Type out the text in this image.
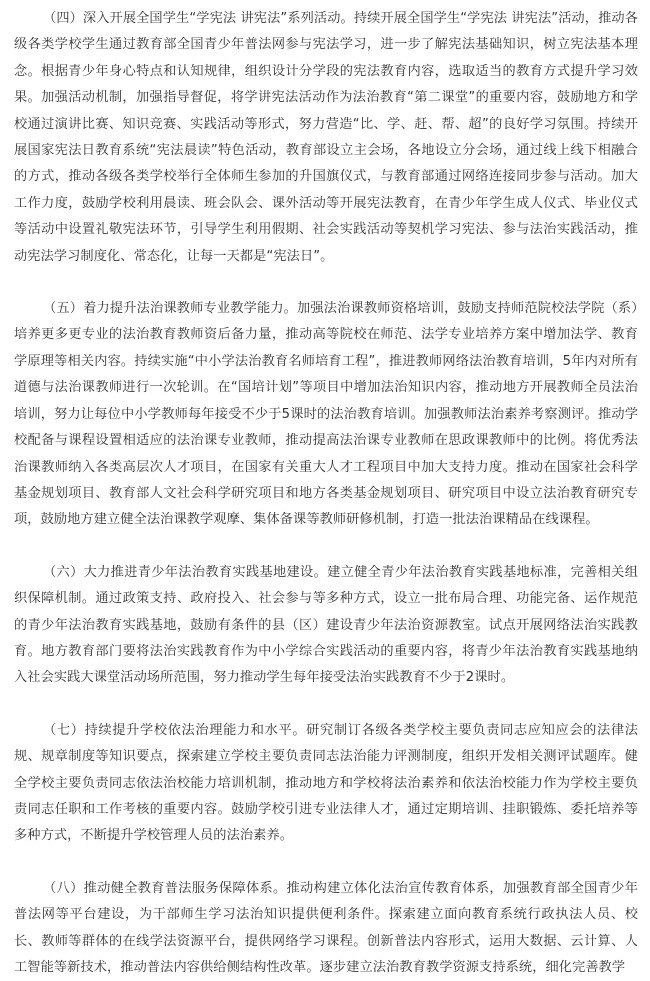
（四）深入开展全国学生“学宪法 讲宪法”系列活动。持续开展全国学生“学宪法 讲宪法”活动，推动各级各类学校学生通过教育部全国青少年普法网参与宪法学习，进一步了解宪法基础知识，树立宪法基本理念。根据青少年身心特点和认知规律，组织设计分学段的宪法教育内容，选取适当的教育方式提升学习效果。加强活动机制，加强指导督促，将学讲宪法活动作为法治教育“第二课堂”的重要内容，鼓励地方和学校通过演讲比赛、知识竞赛、实践活动等形式，努力营造“比、学、赶、帮、超”的良好学习氛围。持续开展国家宪法日教育系统“宪法晨读”特色活动，教育部设立主会场，各地设立分会场，通过线上线下相融合的方式，推动各级各类学校举行全体师生参加的升国旗仪式，与教育部通过网络连接同步参与活动。加大工作力度，鼓励学校利用晨读、班会队会、课外活动等开展宪法教育，在青少年学生成人仪式、毕业仪式等活动中设置礼敬宪法环节，引导学生利用假期、社会实践活动等契机学习宪法、参与法治实践活动，推动宪法学习制度化、常态化，让每一天都是“宪法日”。

（五）着力提升法治课教师专业教学能力。加强法治课教师资格培训，鼓励支持师范院校法学院（系）培养更多更专业的法治教育教师资后备力量，推动高等院校在师范、法学专业培养方案中增加法学、教育学原理等相关内容。持续实施“中小学法治教育名师培育工程”，推进教师网络法治教育培训，5年内对所有道德与法治课教师进行一次轮训。在“国培计划”等项目中增加法治知识内容，推动地方开展教师全员法治培训，努力让每位中小学教师每年接受不少于5课时的法治教育培训。加强教师法治素养考察测评。推动学校配备与课程设置相适应的法治课专业教师，推动提高法治课专业教师在思政课教师中的比例。将优秀法治课教师纳入各类高层次人才项目，在国家有关重大人才工程项目中加大支持力度。推动在国家社会科学基金规划项目、教育部人文社会科学研究项目和地方各类基金规划项目、研究项目中设立法治教育研究专项，鼓励地方建立健全法治课教学观摩、集体备课等教师研修机制，打造一批法治课精品在线课程。

（六）大力推进青少年法治教育实践基地建设。建立健全青少年法治教育实践基地标准，完善相关组织保障机制。通过政策支持、政府投入、社会参与等多种方式，设立一批布局合理、功能完备、运作规范的青少年法治教育实践基地，鼓励有条件的县（区）建设青少年法治资源教室。试点开展网络法治实践教育。地方教育部门要将法治实践教育作为中小学综合实践活动的重要内容，将青少年法治教育实践基地纳入社会实践大课堂活动场所范围，努力推动学生每年接受法治实践教育不少于2课时。

（七）持续提升学校依法治理能力和水平。研究制订各级各类学校主要负责同志应知应会的法律法规、规章制度等知识要点，探索建立学校主要负责同志法治能力评测制度，组织开发相关测评试题库。健全学校主要负责同志依法治校能力培训机制，推动地方和学校将法治素养和依法治校能力作为学校主要负责同志任职和工作考核的重要内容。鼓励学校引进专业法律人才，通过定期培训、挂职锻炼、委托培养等多种方式，不断提升学校管理人员的法治素养。

（八）推动健全教育普法服务保障体系。推动构建立体化法治宣传教育体系，加强教育部全国青少年普法网等平台建设，为干部师生学习法治知识提供便利条件。探索建立面向教育系统行政执法人员、校长、教师等群体的在线学法资源平台，提供网络学习课程。创新普法内容形式，运用大数据、云计算、人工智能等新技术，推动普法内容供给侧结构性改革。逐步建立法治教育教学资源支持系统，细化完善教学
